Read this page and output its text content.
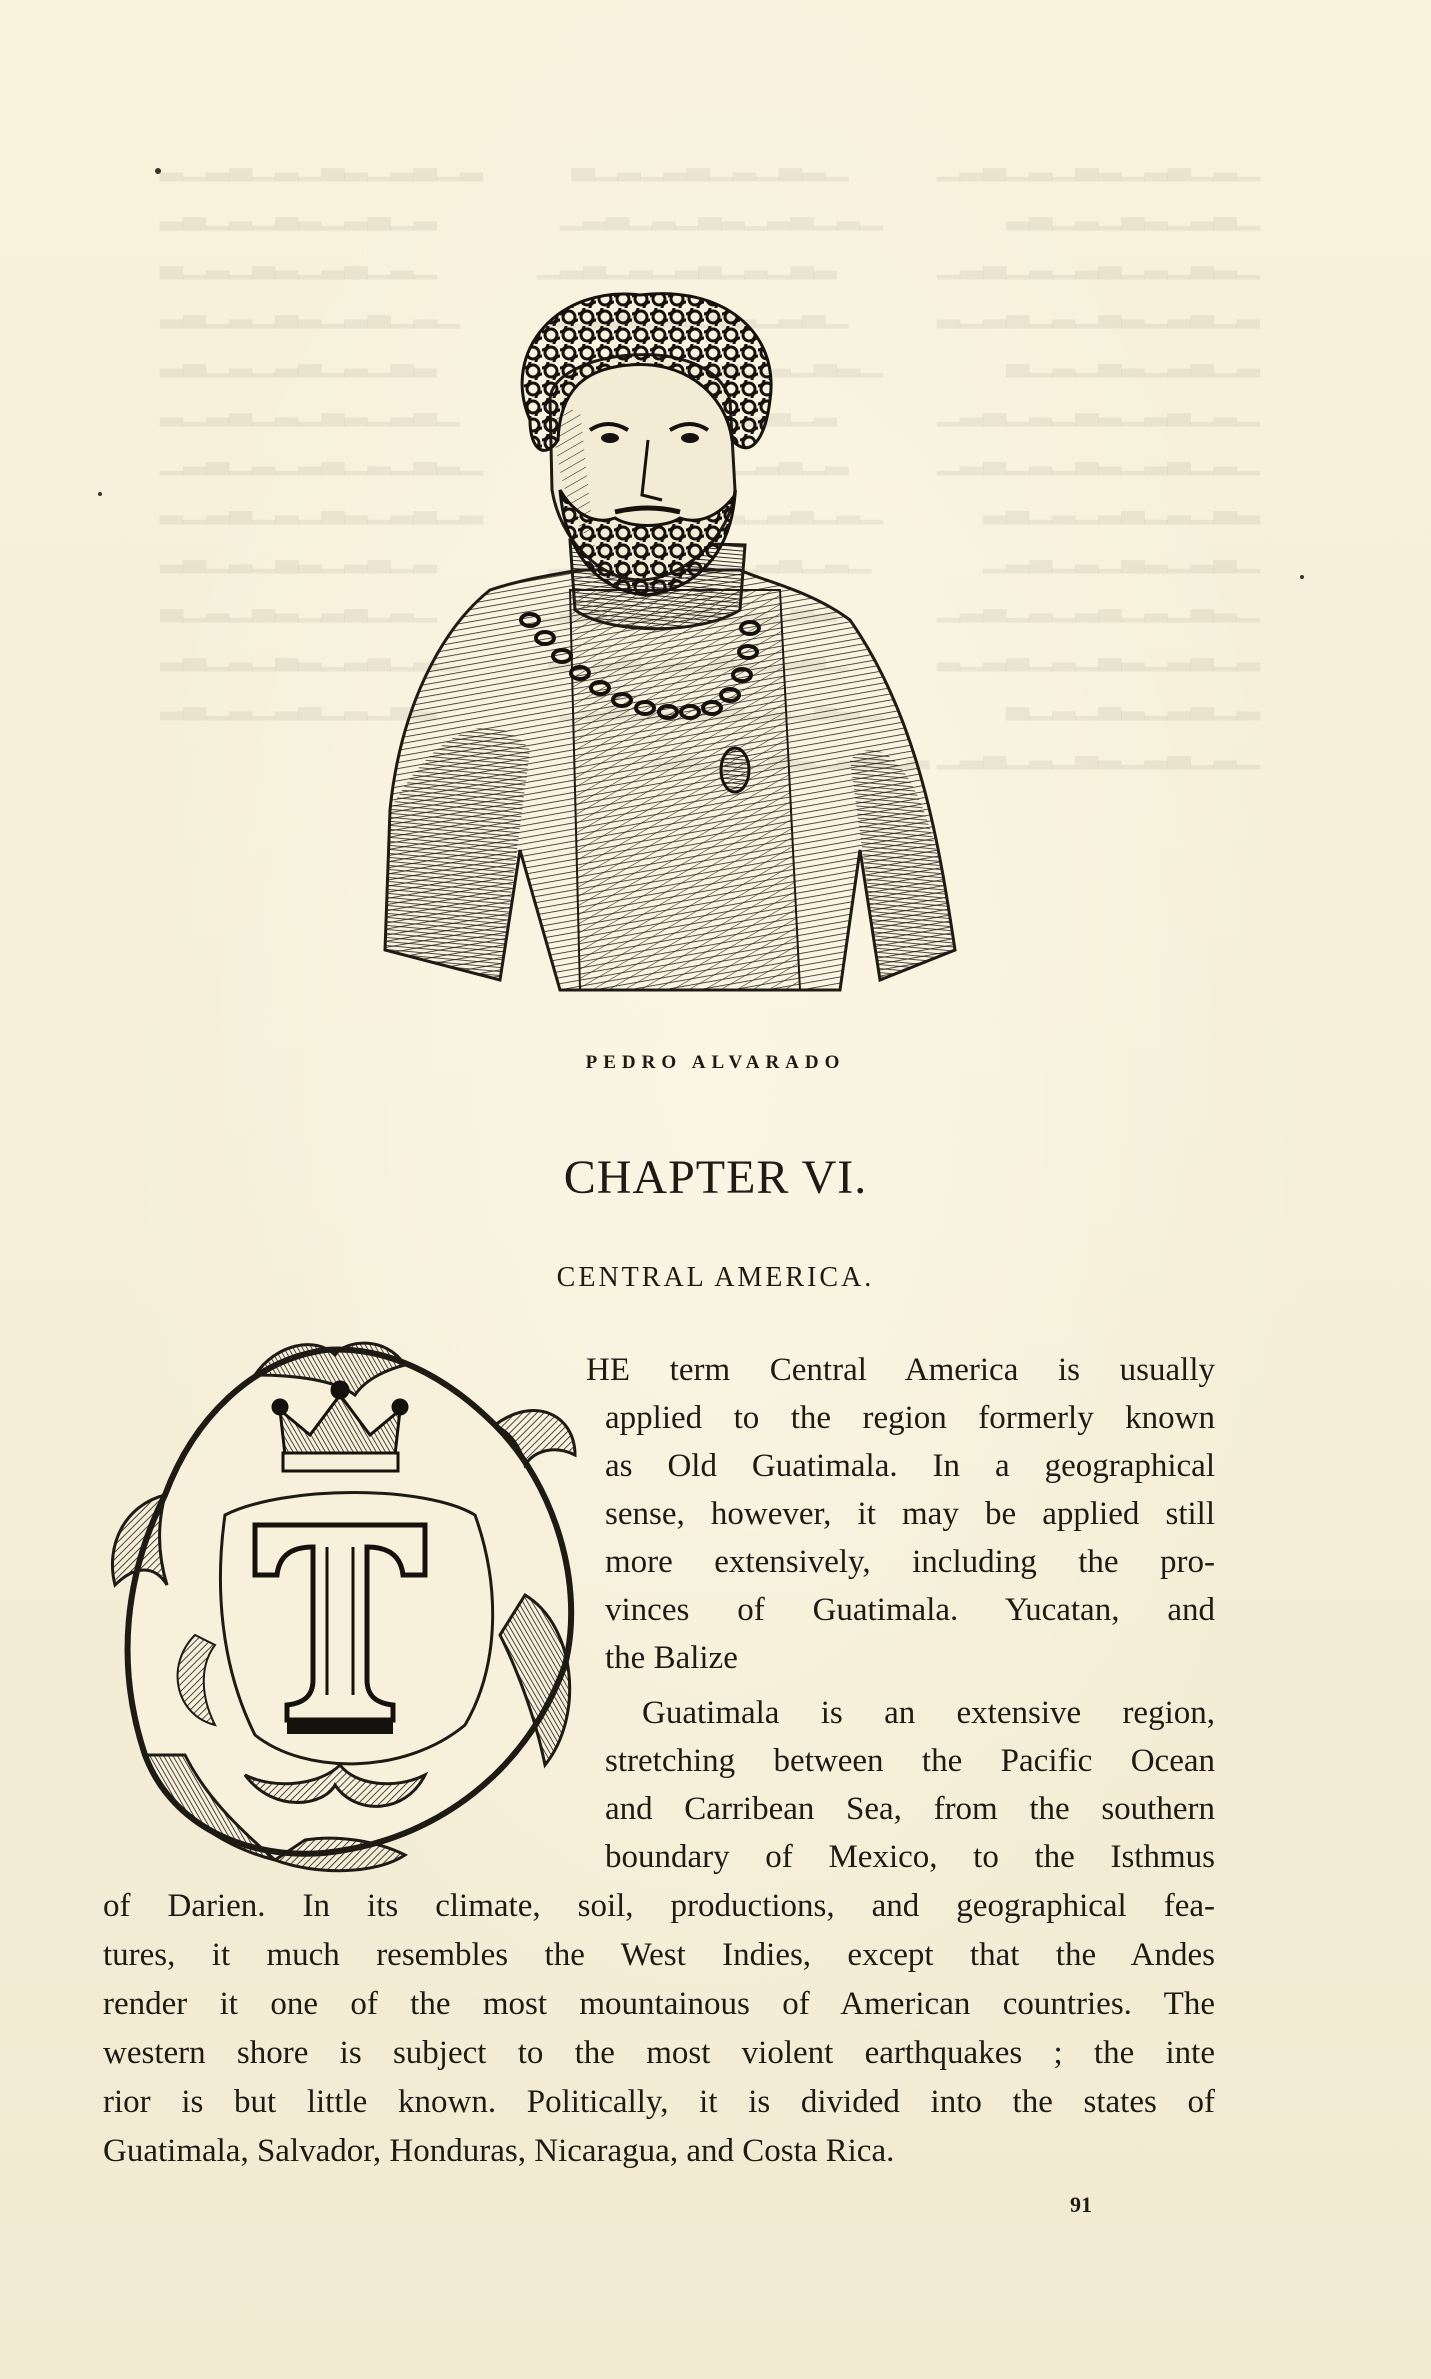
▁▂▁▃▂▁▂▃▁▂▁▃▂▁ ▁▂▃▁▂▁▃▂▁▂▁▃ ▂▁▃▂▁▂▃▁▂▁▃▂▁▂ ▁▃▂▁▂▃▁▂▁▃▂ ▁▂▁▃▂▁▂▃▁▂▁▃▂▁ ▂▁▃▂▁▂▃▁▂▁▃▂ ▁▂▃▁▂▁▃▂▁▂▁▃▂▁ ▂▃▁▂▁▃▂▁▂▁▃▂▁ ▁▂▁▃▂▁▂▃▁▂▁▃ ▂▁▃▂▁▂▃▁▂▁▃▂▁▂  ▁▂▁▃▂▁▂▃▁▂▁▃▂ ▂▁▃▂▁▂▃▁▂▁▃  ▂▃▁▂▁▃▂▁▂▁▃▂ ▁▂▁▃▂▁▂▃▁▂▁▃▂▁  ▁▃▂▁▂▃▁▂▁▃▂▁▂ ▁▂▁▃▂▁▂▃▁▂▁▃▂▁  ▁▂▃▁▂▁▃▂▁▂▁▃▂▁ ▂▃▁▂▁▃▂▁▂▁▃▂  ▂▁▃▂▁▂▃▁▂▁▃▂▁▂ ▁▃▂▁▂▃▁▂▁▃▂▁  ▂▁▃▂▁▂▃▁▂▁▃▂ ▁▂▃▁▂▁▃▂▁▂▁▃▂▁  ▁▂▁▃▂▁▂▃▁▂▁▃ ▂▁▃▂▁▂▃▁▂▁▃▂▁▂  ▁▂▁▃▂▁▂▃▁▂▁▃▂ ▂▁▃▂▁▂▃▁▂▁▃  ▂▃▁▂▁▃▂▁▂▁▃▂ ▁▂▁▃▂▁▂▃▁▂▁▃▂▁
PEDRO ALVARADO
CHAPTER VI.
CENTRAL AMERICA.
HE term Central America is usually
applied to the region formerly known
as Old Guatimala. In a geographical
sense, however, it may be applied still
more extensively, including the pro-
vinces of Guatimala. Yucatan, and
the Balize
Guatimala is an extensive region,
stretching between the Pacific Ocean
and Carribean Sea, from the southern
boundary of Mexico, to the Isthmus
of Darien. In its climate, soil, productions, and geographical fea-
tures, it much resembles the West Indies, except that the Andes
render it one of the most mountainous of American countries. The
western shore is subject to the most violent earthquakes ; the inte
rior is but little known. Politically, it is divided into the states of
Guatimala, Salvador, Honduras, Nicaragua, and Costa Rica.
91
